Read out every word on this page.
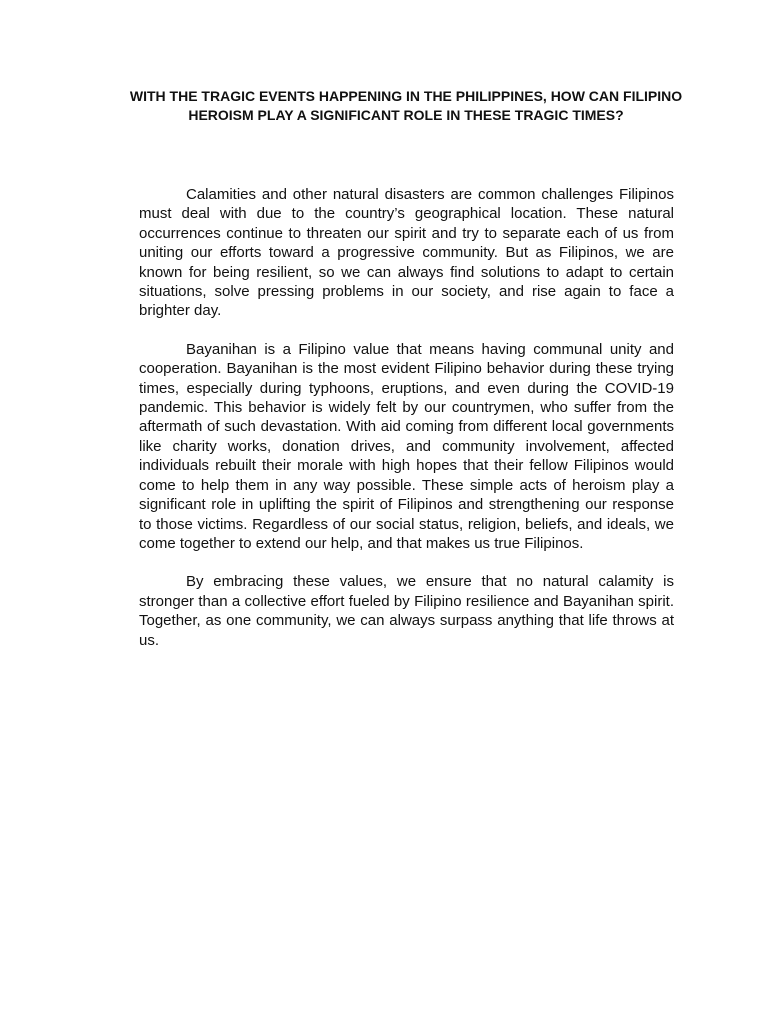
WITH THE TRAGIC EVENTS HAPPENING IN THE PHILIPPINES, HOW CAN FILIPINO HEROISM PLAY A SIGNIFICANT ROLE IN THESE TRAGIC TIMES?

Calamities and other natural disasters are common challenges Filipinos must deal with due to the country’s geographical location. These natural occurrences continue to threaten our spirit and try to separate each of us from uniting our efforts toward a progressive community. But as Filipinos, we are known for being resilient, so we can always find solutions to adapt to certain situations, solve pressing problems in our society, and rise again to face a brighter day.

Bayanihan is a Filipino value that means having communal unity and cooperation. Bayanihan is the most evident Filipino behavior during these trying times, especially during typhoons, eruptions, and even during the COVID-19 pandemic. This behavior is widely felt by our countrymen, who suffer from the aftermath of such devastation. With aid coming from different local governments like charity works, donation drives, and community involvement, affected individuals rebuilt their morale with high hopes that their fellow Filipinos would come to help them in any way possible. These simple acts of heroism play a significant role in uplifting the spirit of Filipinos and strengthening our response to those victims. Regardless of our social status, religion, beliefs, and ideals, we come together to extend our help, and that makes us true Filipinos.

By embracing these values, we ensure that no natural calamity is stronger than a collective effort fueled by Filipino resilience and Bayanihan spirit. Together, as one community, we can always surpass anything that life throws at us.
